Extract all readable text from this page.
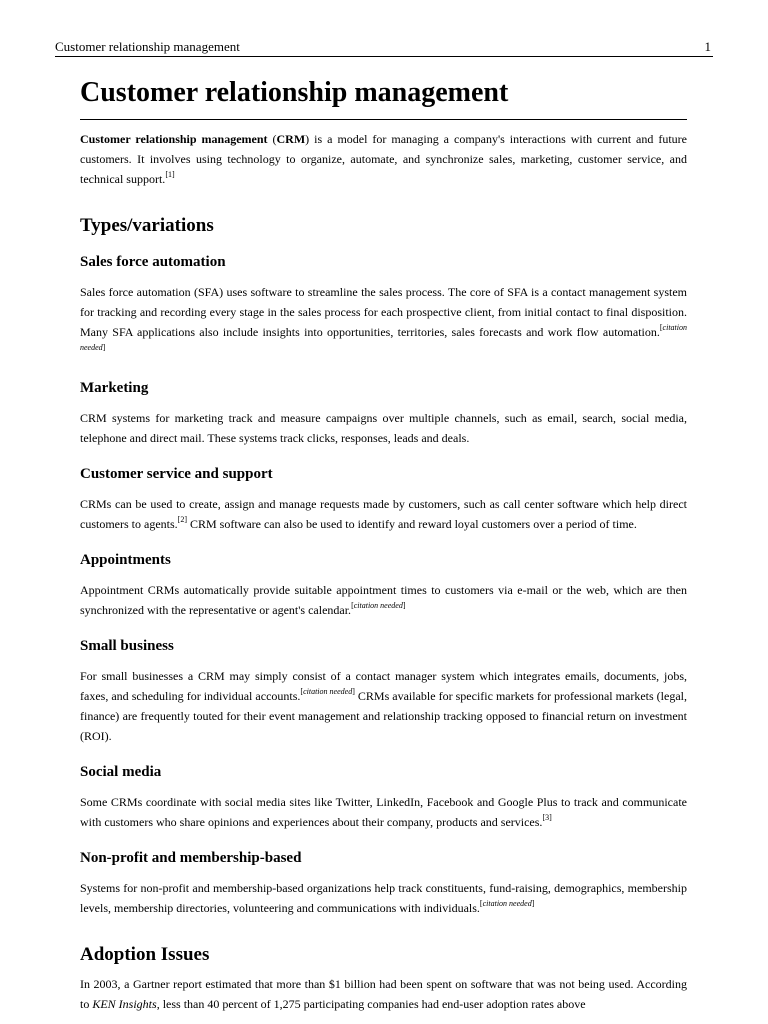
Customer relationship management	1
Customer relationship management

Customer relationship management (CRM) is a model for managing a company's interactions with current and future customers. It involves using technology to organize, automate, and synchronize sales, marketing, customer service, and technical support.[1]

Types/variations
Sales force automation

Sales force automation (SFA) uses software to streamline the sales process. The core of SFA is a contact management system for tracking and recording every stage in the sales process for each prospective client, from initial contact to final disposition. Many SFA applications also include insights into opportunities, territories, sales forecasts and work flow automation.[citation needed]

Marketing

CRM systems for marketing track and measure campaigns over multiple channels, such as email, search, social media, telephone and direct mail. These systems track clicks, responses, leads and deals.

Customer service and support

CRMs can be used to create, assign and manage requests made by customers, such as call center software which help direct customers to agents.[2] CRM software can also be used to identify and reward loyal customers over a period of time.

Appointments

Appointment CRMs automatically provide suitable appointment times to customers via e-mail or the web, which are then synchronized with the representative or agent's calendar.[citation needed]

Small business

For small businesses a CRM may simply consist of a contact manager system which integrates emails, documents, jobs, faxes, and scheduling for individual accounts.[citation needed] CRMs available for specific markets for professional markets (legal, finance) are frequently touted for their event management and relationship tracking opposed to financial return on investment (ROI).

Social media

Some CRMs coordinate with social media sites like Twitter, LinkedIn, Facebook and Google Plus to track and communicate with customers who share opinions and experiences about their company, products and services.[3]

Non-profit and membership-based

Systems for non-profit and membership-based organizations help track constituents, fund-raising, demographics, membership levels, membership directories, volunteering and communications with individuals.[citation needed]

Adoption Issues

In 2003, a Gartner report estimated that more than $1 billion had been spent on software that was not being used. According to KEN Insights, less than 40 percent of 1,275 participating companies had end-user adoption rates above
